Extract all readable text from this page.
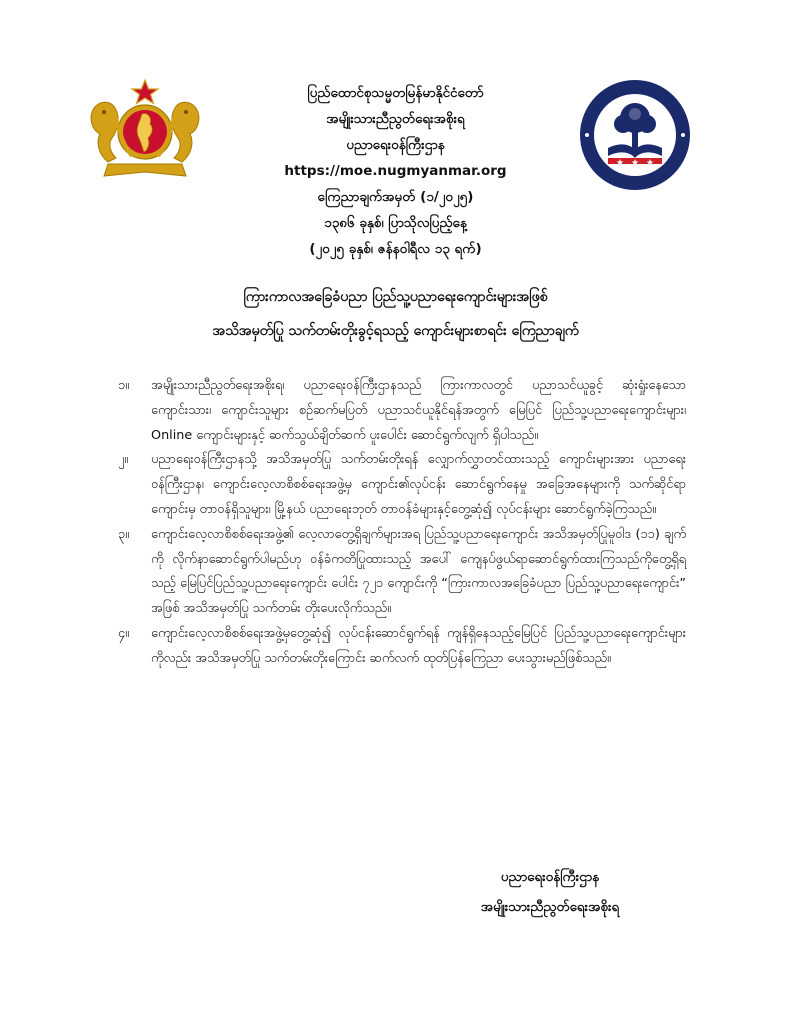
ပြည်ထောင်စုသမ္မတမြန်မာနိုင်ငံတော်
အမျိုးသားညီညွတ်ရေးအစိုးရ
ပညာရေးဝန်ကြီးဌာန
https://moe.nugmyanmar.org
ကြေညာချက်အမှတ် (၁/၂၀၂၅)
၁၃၈၆ ခုနှစ်၊ ပြာသိုလပြည့်နေ့
(၂၀၂၅ ခုနှစ်၊ ဇန်နဝါရီလ ၁၃ ရက်)
ကြားကာလအခြေခံပညာ ပြည်သူ့ပညာရေးကျောင်းများအဖြစ်
အသိအမှတ်ပြု သက်တမ်းတိုးခွင့်ရသည့် ကျောင်းများစာရင်း ကြေညာချက်
၁။ အမျိုးသားညီညွတ်ရေးအစိုးရ၊ ပညာရေးဝန်ကြီးဌာနသည် ကြားကာလတွင် ပညာသင်ယူခွင့် ဆုံးရှုံးနေသော ကျောင်းသား၊ ကျောင်းသူများ စဉ်ဆက်မပြတ် ပညာသင်ယူနိုင်ရန်အတွက် မြေပြင် ပြည်သူ့ပညာရေးကျောင်းများ၊ Online ကျောင်းများနှင့် ဆက်သွယ်ချိတ်ဆက် ပူးပေါင်း ဆောင်ရွက်လျက် ရှိပါသည်။
၂။ ပညာရေးဝန်ကြီးဌာနသို့ အသိအမှတ်ပြု သက်တမ်းတိုးရန် လျှောက်လွှာတင်ထားသည့် ကျောင်းများအား ပညာရေးဝန်ကြီးဌာန၊ ကျောင်းလေ့လာစိစစ်ရေးအဖွဲ့မှ ကျောင်း၏လုပ်ငန်း ဆောင်ရွက်နေမှု အခြေအနေများကို သက်ဆိုင်ရာကျောင်းမှ တာဝန်ရှိသူများ၊ မြို့နယ် ပညာရေးဘုတ် တာဝန်ခံများနှင့်တွေ့ဆုံ၍ လုပ်ငန်းများ ဆောင်ရွက်ခဲ့ကြသည်။
၃။ ကျောင်းလေ့လာစိစစ်ရေးအဖွဲ့၏ လေ့လာတွေ့ရှိချက်များအရ ပြည်သူ့ပညာရေးကျောင်း အသိအမှတ်ပြုမူဝါဒ (၁၁) ချက်ကို လိုက်နာဆောင်ရွက်ပါမည်ဟု ဝန်ခံကတိပြုထားသည့် အပေါ် ကျေနပ်ဖွယ်ရာဆောင်ရွက်ထားကြသည်ကိုတွေ့ရှိရသည့် မြေပြင်ပြည်သူ့ပညာရေးကျောင်း ပေါင်း ၇၂၁ ကျောင်းကို “ကြားကာလအခြေခံပညာ ပြည်သူ့ပညာရေးကျောင်း” အဖြစ် အသိအမှတ်ပြု သက်တမ်း တိုးပေးလိုက်သည်။
၄။ ကျောင်းလေ့လာစိစစ်ရေးအဖွဲ့မှတွေ့ဆုံ၍ လုပ်ငန်းဆောင်ရွက်ရန် ကျန်ရှိနေသည့်မြေပြင် ပြည်သူ့ပညာရေးကျောင်းများကိုလည်း အသိအမှတ်ပြု သက်တမ်းတိုးကြောင်း ဆက်လက် ထုတ်ပြန်ကြေညာ ပေးသွားမည်ဖြစ်သည်။
ပညာရေးဝန်ကြီးဌာန
အမျိုးသားညီညွတ်ရေးအစိုးရ
